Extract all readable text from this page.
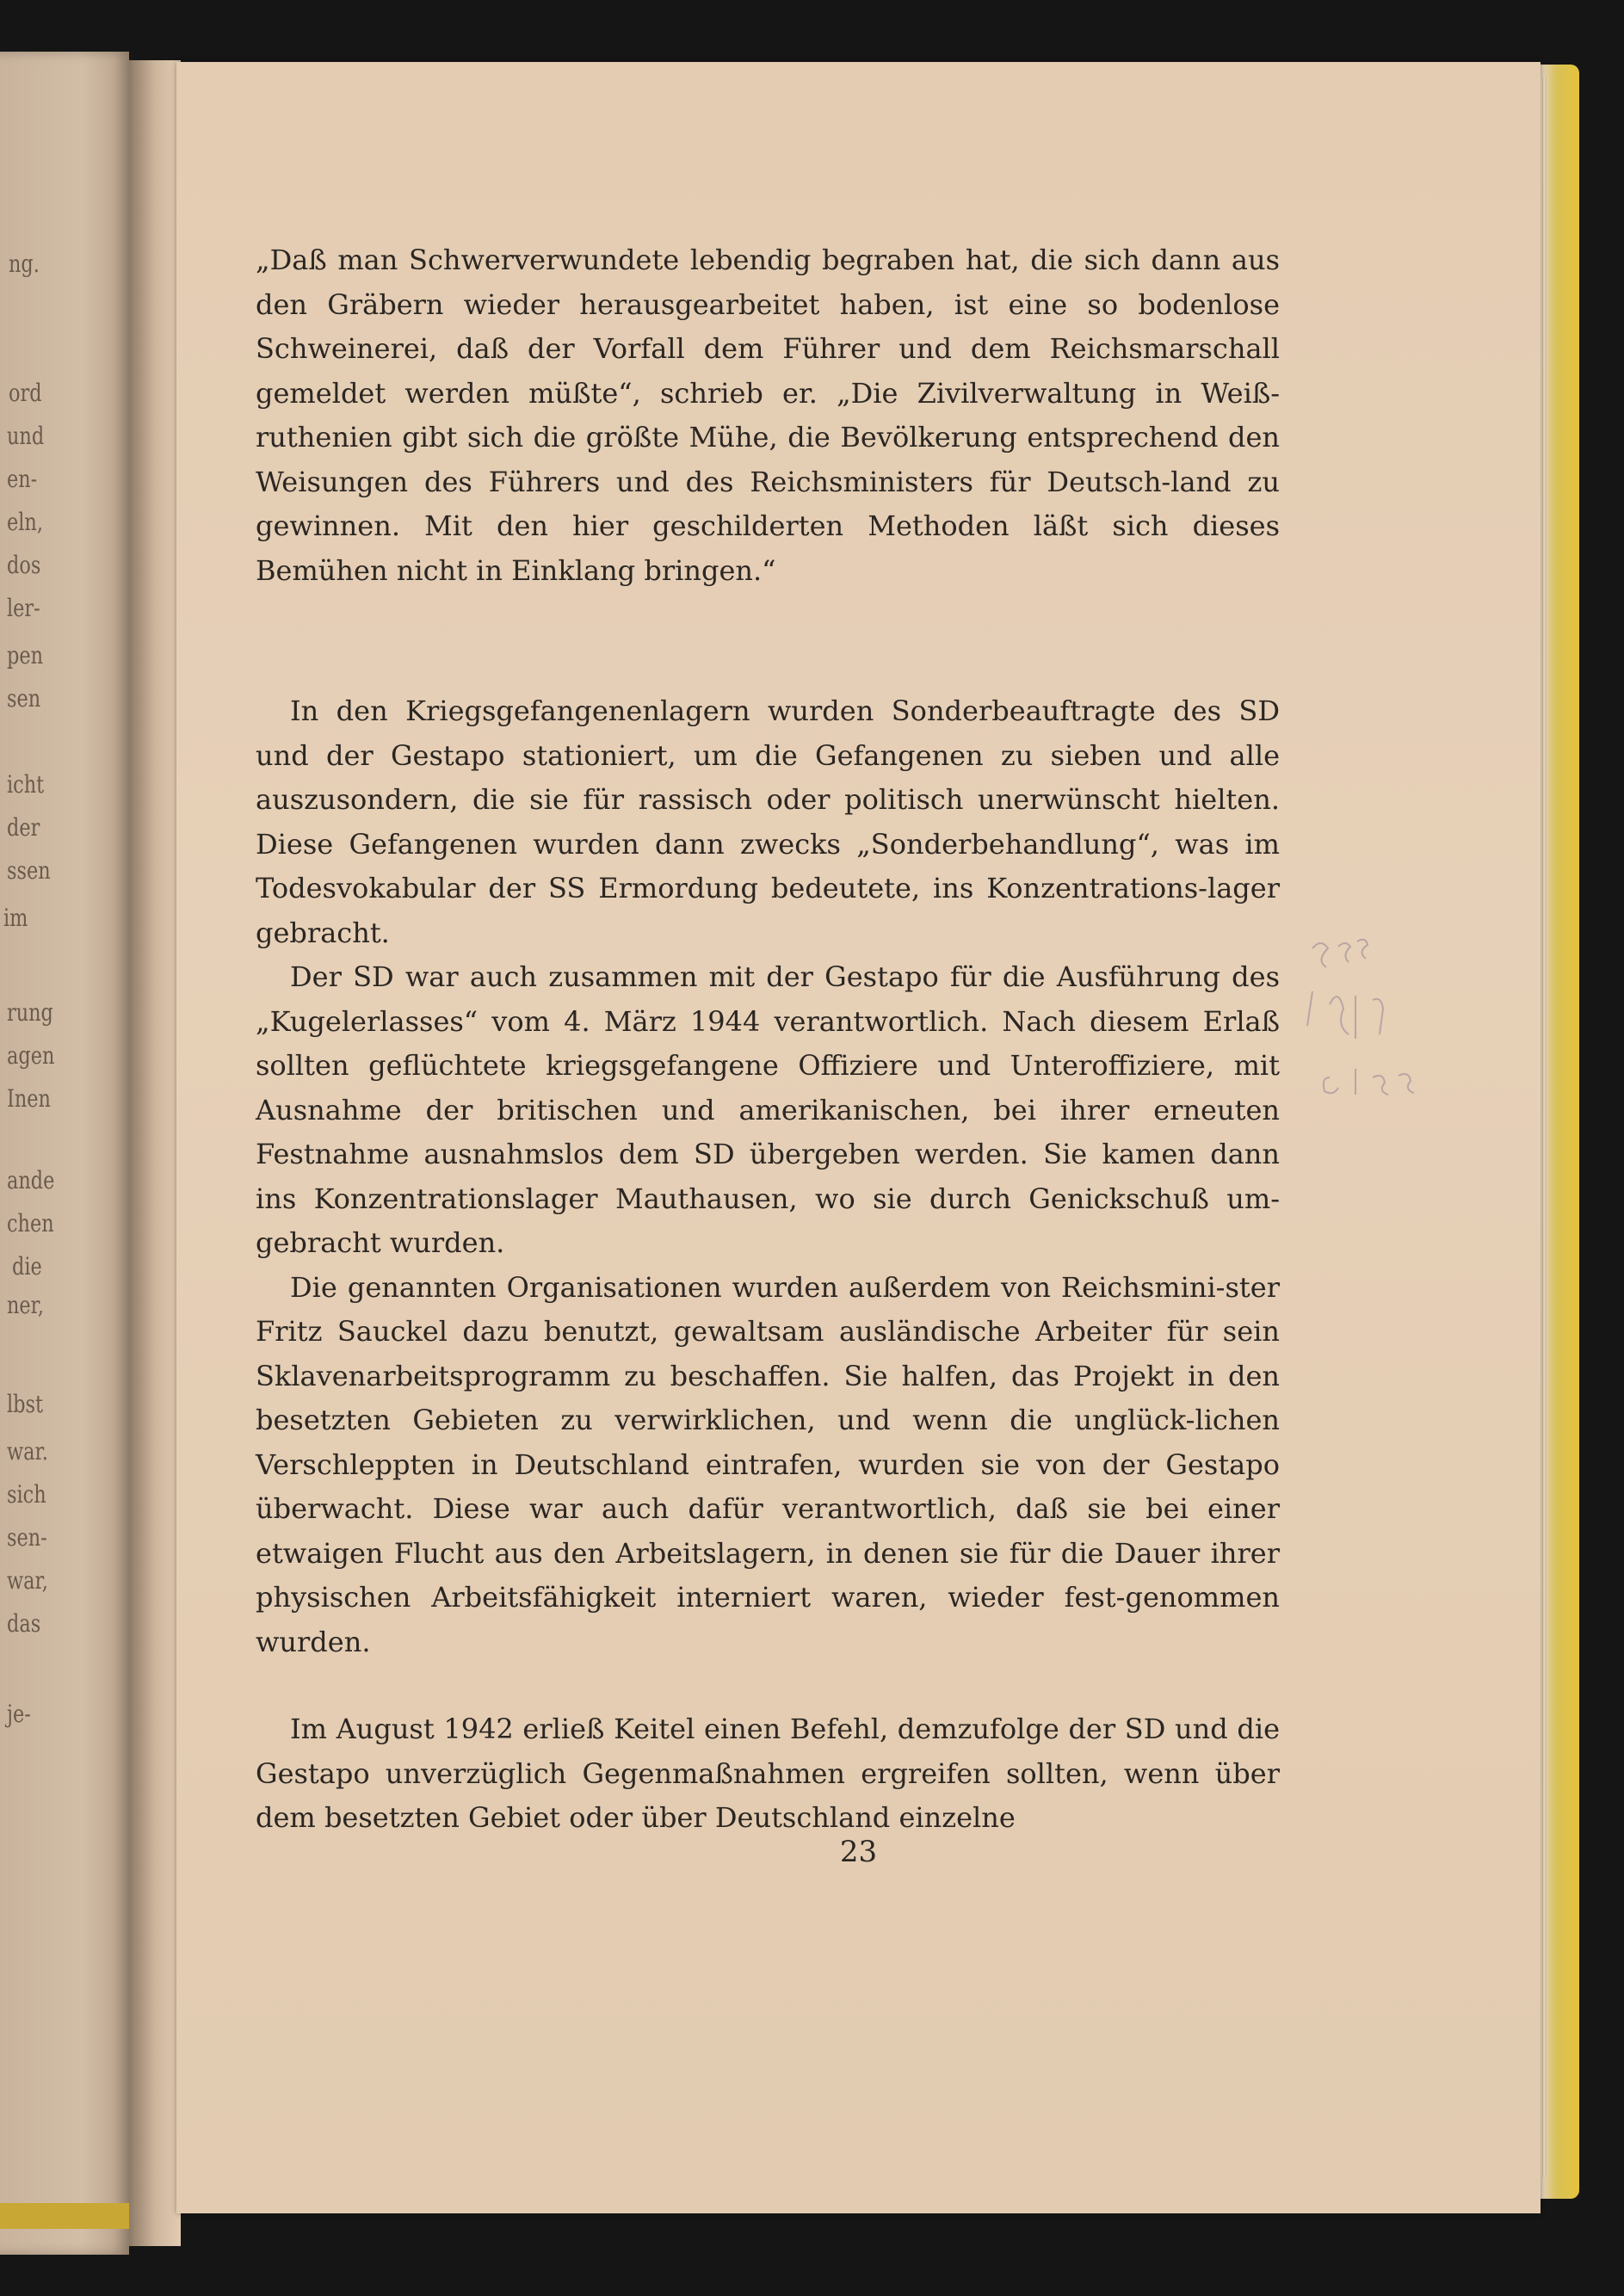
ng.
ord
und
en-
eln,
dos
ler-
pen
sen
icht
der
ssen
im
rung
agen
Inen
ande
chen
die
ner,
lbst
war.
sich
sen-
war,
das
je-

„Daß man Schwerverwundete lebendig begraben hat, die sich dann aus den Gräbern wieder herausgearbeitet haben, ist eine so bodenlose Schweinerei, daß der Vorfall dem Führer und dem Reichsmarschall gemeldet werden müßte“, schrieb er. „Die Zivilverwaltung in Weiß-ruthenien gibt sich die größte Mühe, die Bevölkerung entsprechend den Weisungen des Führers und des Reichsministers für Deutsch-land zu gewinnen. Mit den hier geschilderten Methoden läßt sich dieses Bemühen nicht in Einklang bringen.“

In den Kriegsgefangenenlagern wurden Sonderbeauftragte des SD und der Gestapo stationiert, um die Gefangenen zu sieben und alle auszusondern, die sie für rassisch oder politisch unerwünscht hielten. Diese Gefangenen wurden dann zwecks „Sonderbehandlung“, was im Todesvokabular der SS Ermordung bedeutete, ins Konzentrations-lager gebracht.

Der SD war auch zusammen mit der Gestapo für die Ausführung des „Kugelerlasses“ vom 4. März 1944 verantwortlich. Nach diesem Erlaß sollten geflüchtete kriegsgefangene Offiziere und Unteroffiziere, mit Ausnahme der britischen und amerikanischen, bei ihrer erneuten Festnahme ausnahmslos dem SD übergeben werden. Sie kamen dann ins Konzentrationslager Mauthausen, wo sie durch Genickschuß um-gebracht wurden.

Die genannten Organisationen wurden außerdem von Reichsmini-ster Fritz Sauckel dazu benutzt, gewaltsam ausländische Arbeiter für sein Sklavenarbeitsprogramm zu beschaffen. Sie halfen, das Projekt in den besetzten Gebieten zu verwirklichen, und wenn die unglück-lichen Verschleppten in Deutschland eintrafen, wurden sie von der Gestapo überwacht. Diese war auch dafür verantwortlich, daß sie bei einer etwaigen Flucht aus den Arbeitslagern, in denen sie für die Dauer ihrer physischen Arbeitsfähigkeit interniert waren, wieder fest-genommen wurden.

Im August 1942 erließ Keitel einen Befehl, demzufolge der SD und die Gestapo unverzüglich Gegenmaßnahmen ergreifen sollten, wenn über dem besetzten Gebiet oder über Deutschland einzelne

23
